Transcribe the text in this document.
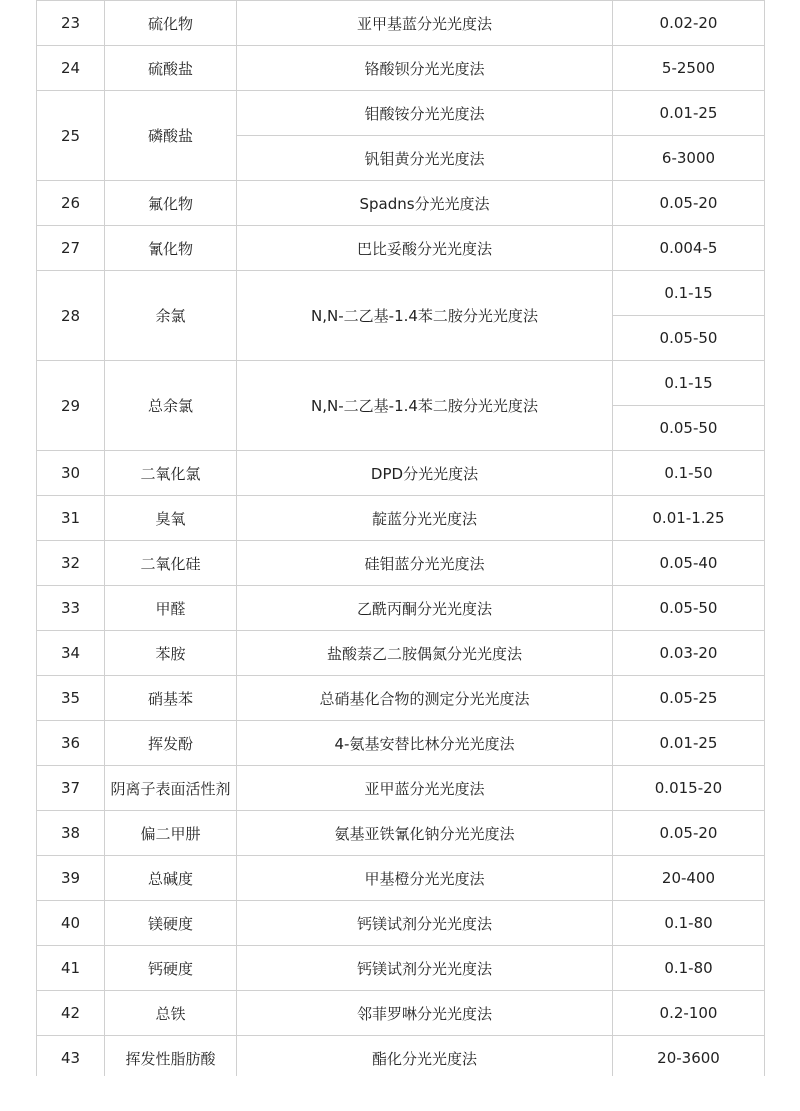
23	硫化物	亚甲基蓝分光光度法	0.02-20
24	硫酸盐	铬酸钡分光光度法	5-2500
25	磷酸盐	钼酸铵分光光度法	0.01-25
		钒钼黄分光光度法	6-3000
26	氟化物	Spadns分光光度法	0.05-20
27	氰化物	巴比妥酸分光光度法	0.004-5
28	余氯	N,N-二乙基-1.4苯二胺分光光度法	0.1-15
			0.05-50
29	总余氯	N,N-二乙基-1.4苯二胺分光光度法	0.1-15
			0.05-50
30	二氧化氯	DPD分光光度法	0.1-50
31	臭氧	靛蓝分光光度法	0.01-1.25
32	二氧化硅	硅钼蓝分光光度法	0.05-40
33	甲醛	乙酰丙酮分光光度法	0.05-50
34	苯胺	盐酸萘乙二胺偶氮分光光度法	0.03-20
35	硝基苯	总硝基化合物的测定分光光度法	0.05-25
36	挥发酚	4-氨基安替比林分光光度法	0.01-25
37	阴离子表面活性剂	亚甲蓝分光光度法	0.015-20
38	偏二甲肼	氨基亚铁氰化钠分光光度法	0.05-20
39	总碱度	甲基橙分光光度法	20-400
40	镁硬度	钙镁试剂分光光度法	0.1-80
41	钙硬度	钙镁试剂分光光度法	0.1-80
42	总铁	邻菲罗啉分光光度法	0.2-100
43	挥发性脂肪酸	酯化分光光度法	20-3600
